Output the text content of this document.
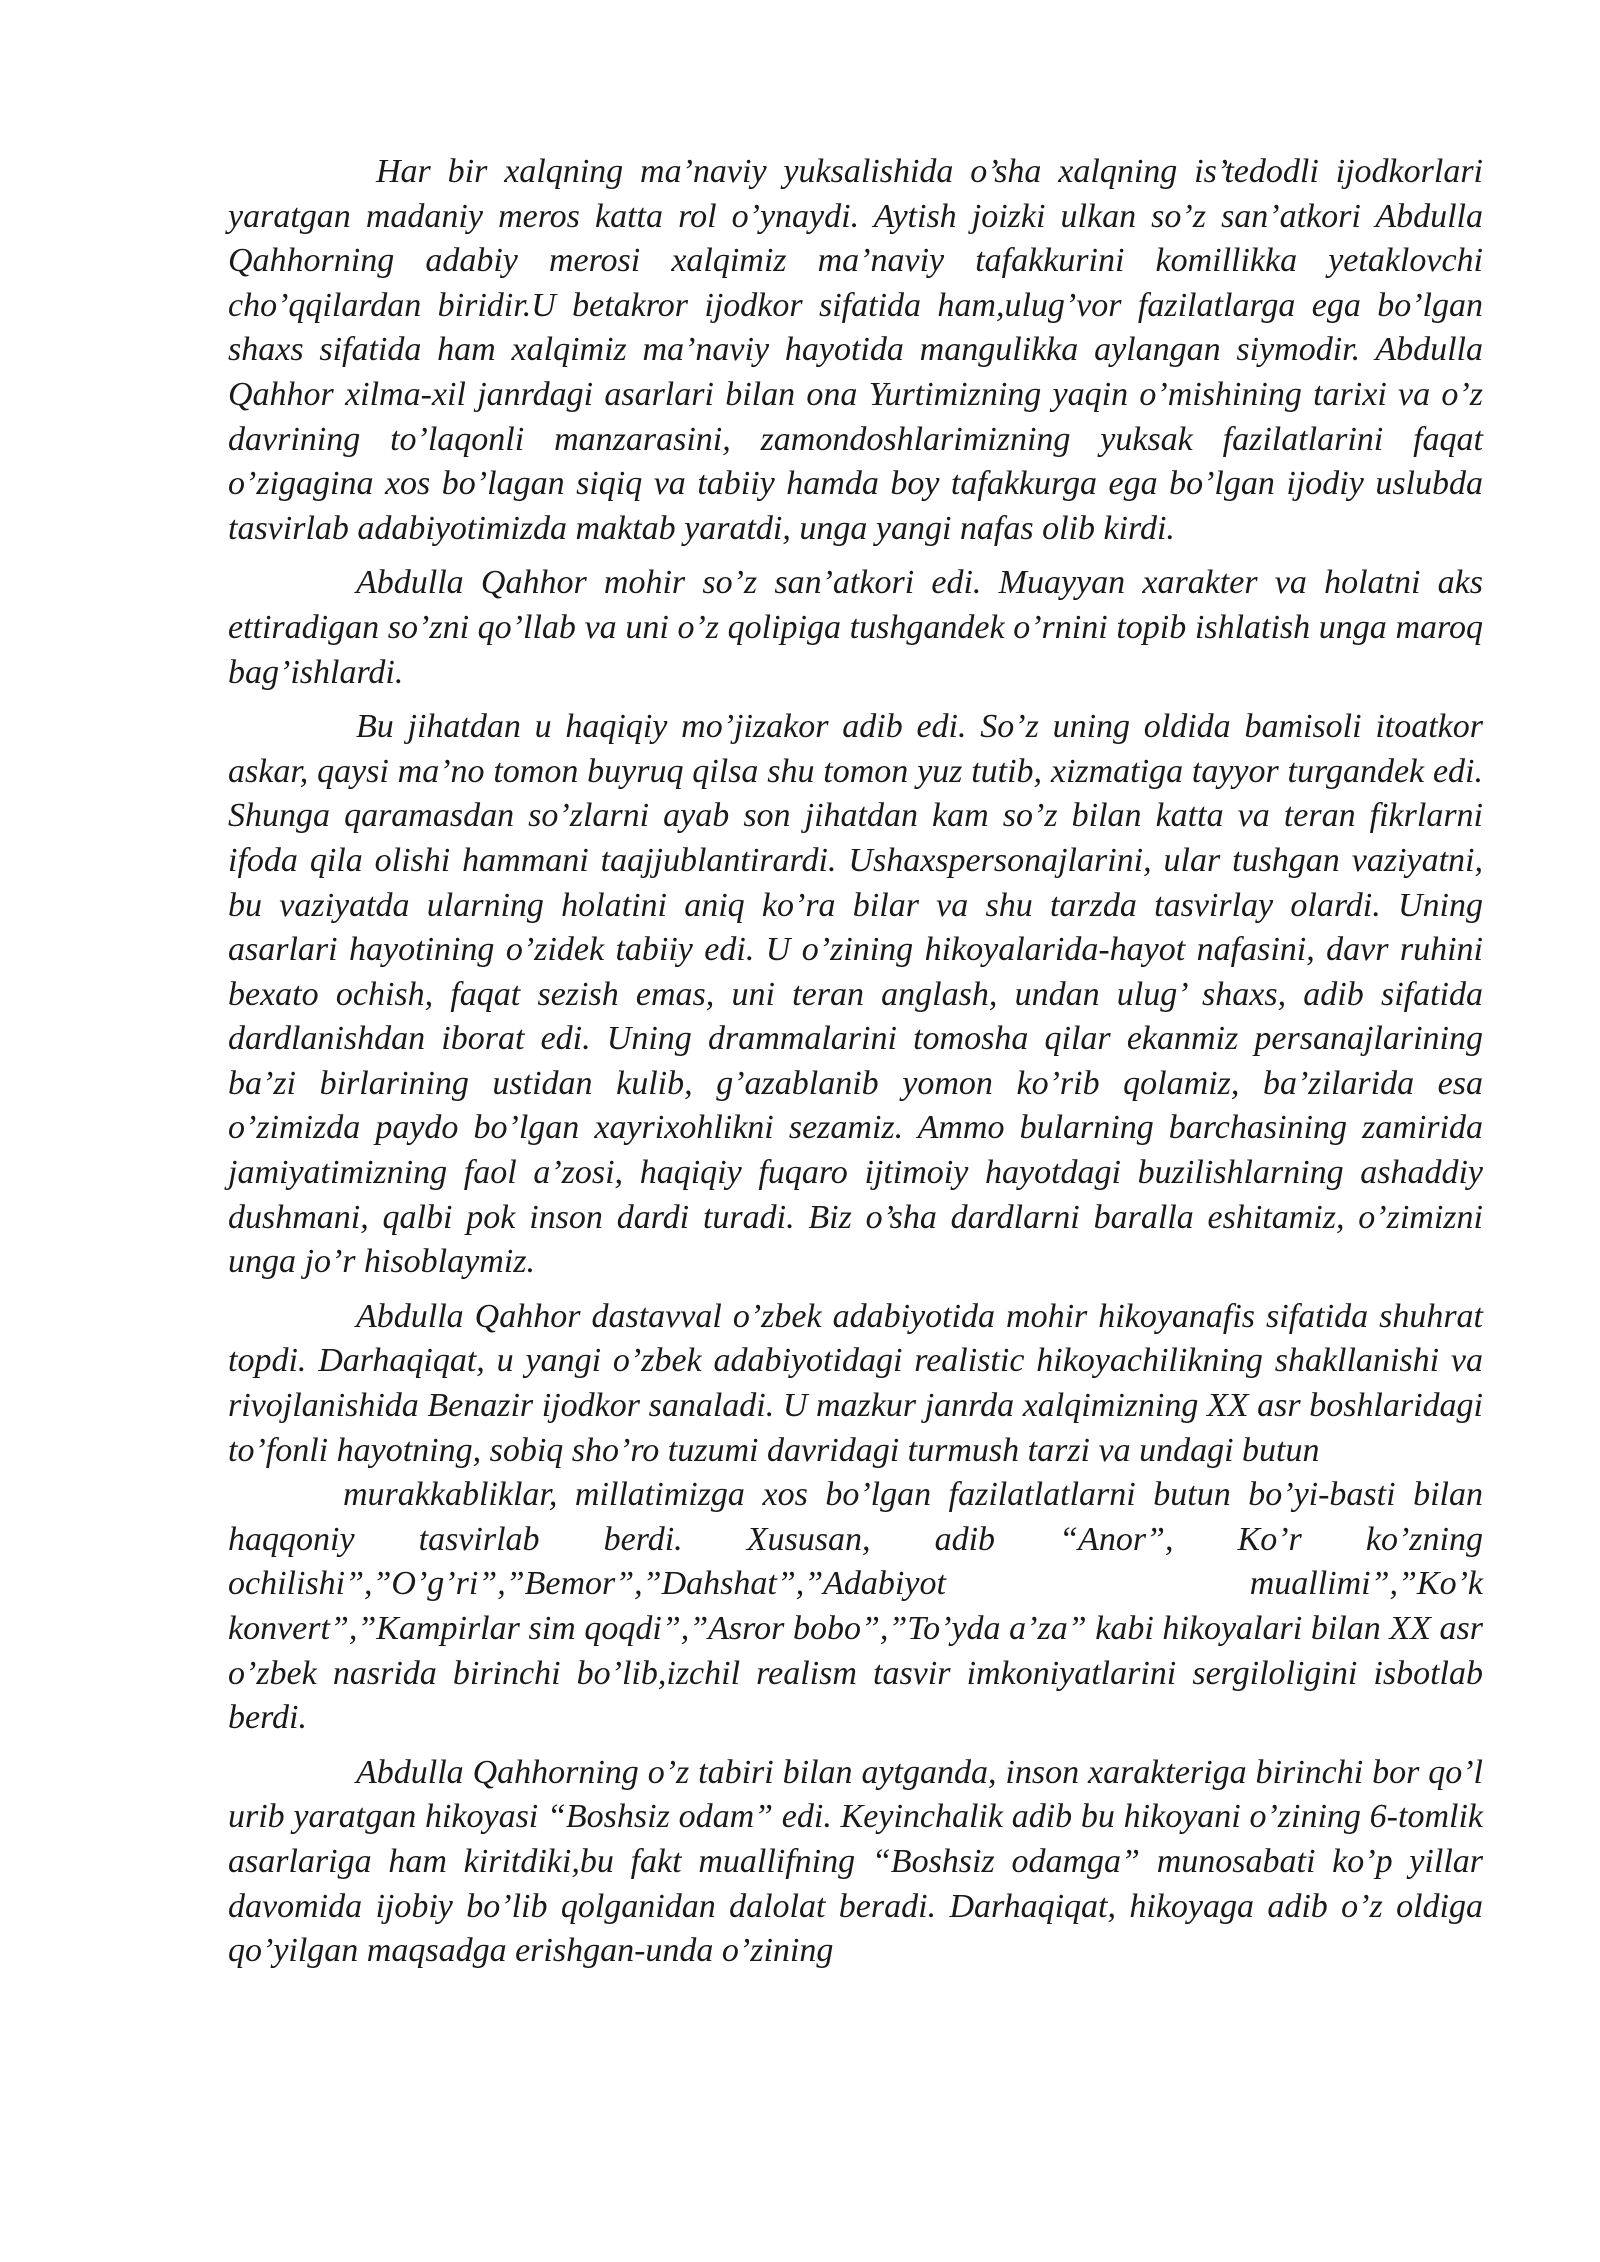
Har bir xalqning ma’naviy yuksalishida o’sha xalqning is’tedodli ijodkorlari yaratgan madaniy meros katta rol o’ynaydi. Aytish joizki ulkan so’z san’atkori Abdulla Qahhorning adabiy merosi xalqimiz ma’naviy tafakkurini komillikka yetaklovchi cho’qqilardan biridir.U betakror ijodkor sifatida ham,ulug’vor fazilatlarga ega bo’lgan shaxs sifatida ham xalqimiz ma’naviy hayotida mangulikka aylangan siymodir. Abdulla Qahhor xilma-xil janrdagi asarlari bilan ona Yurtimizning yaqin o’mishining tarixi va o’z davrining to’laqonli manzarasini, zamondoshlarimizning yuksak fazilatlarini faqat o’zigagina xos bo’lagan siqiq va tabiiy hamda boy tafakkurga ega bo’lgan ijodiy uslubda tasvirlab adabiyotimizda maktab yaratdi, unga yangi nafas olib kirdi.

Abdulla Qahhor mohir so’z san’atkori edi. Muayyan xarakter va holatni aks ettiradigan so’zni qo’llab va uni o’z qolipiga tushgandek o’rnini topib ishlatish unga maroq bag’ishlardi.

Bu jihatdan u haqiqiy mo’jizakor adib edi. So’z uning oldida bamisoli itoatkor askar, qaysi ma’no tomon buyruq qilsa shu tomon yuz tutib, xizmatiga tayyor turgandek edi. Shunga qaramasdan so’zlarni ayab son jihatdan kam so’z bilan katta va teran fikrlarni ifoda qila olishi hammani taajjublantirardi. Ushaxspersonajlarini, ular tushgan vaziyatni, bu vaziyatda ularning holatini aniq ko’ra bilar va shu tarzda tasvirlay olardi. Uning asarlari hayotining o’zidek tabiiy edi. U o’zining hikoyalarida-hayot nafasini, davr ruhini bexato ochish, faqat sezish emas, uni teran anglash, undan ulug’ shaxs, adib sifatida dardlanishdan iborat edi. Uning drammalarini tomosha qilar ekanmiz persanajlarining ba’zi birlarining ustidan kulib, g’azablanib yomon ko’rib qolamiz, ba’zilarida esa o’zimizda paydo bo’lgan xayrixohlikni sezamiz. Ammo bularning barchasining zamirida jamiyatimizning faol a’zosi, haqiqiy fuqaro ijtimoiy hayotdagi buzilishlarning ashaddiy dushmani, qalbi pok inson dardi turadi. Biz o’sha dardlarni baralla eshitamiz, o’zimizni unga jo’r hisoblaymiz.

Abdulla Qahhor dastavval o’zbek adabiyotida mohir hikoyanafis sifatida shuhrat topdi. Darhaqiqat, u yangi o’zbek adabiyotidagi realistic hikoyachilikning shakllanishi va rivojlanishida Benazir ijodkor sanaladi. U mazkur janrda xalqimizning XX asr boshlaridagi to’fonli hayotning, sobiq sho’ro tuzumi davridagi turmush tarzi va undagi butun

murakkabliklar, millatimizga xos bo’lgan fazilatlatlarni butun bo’yi-basti bilan haqqoniy tasvirlab berdi. Xususan, adib “Anor”, Ko’r ko’zning ochilishi”,”O’g’ri”,”Bemor”,”Dahshat”,”Adabiyot muallimi”,”Ko’k konvert”,”Kampirlar sim qoqdi”,”Asror bobo”,”To’yda a’za” kabi hikoyalari bilan XX asr o’zbek nasrida birinchi bo’lib,izchil realism tasvir imkoniyatlarini sergiloligini isbotlab berdi.

Abdulla Qahhorning o’z tabiri bilan aytganda, inson xarakteriga birinchi bor qo’l urib yaratgan hikoyasi “Boshsiz odam” edi. Keyinchalik adib bu hikoyani o’zining 6-tomlik asarlariga ham kiritdiki,bu fakt muallifning “Boshsiz odamga” munosabati ko’p yillar davomida ijobiy bo’lib qolganidan dalolat beradi. Darhaqiqat, hikoyaga adib o’z oldiga qo’yilgan maqsadga erishgan-unda o’zining
